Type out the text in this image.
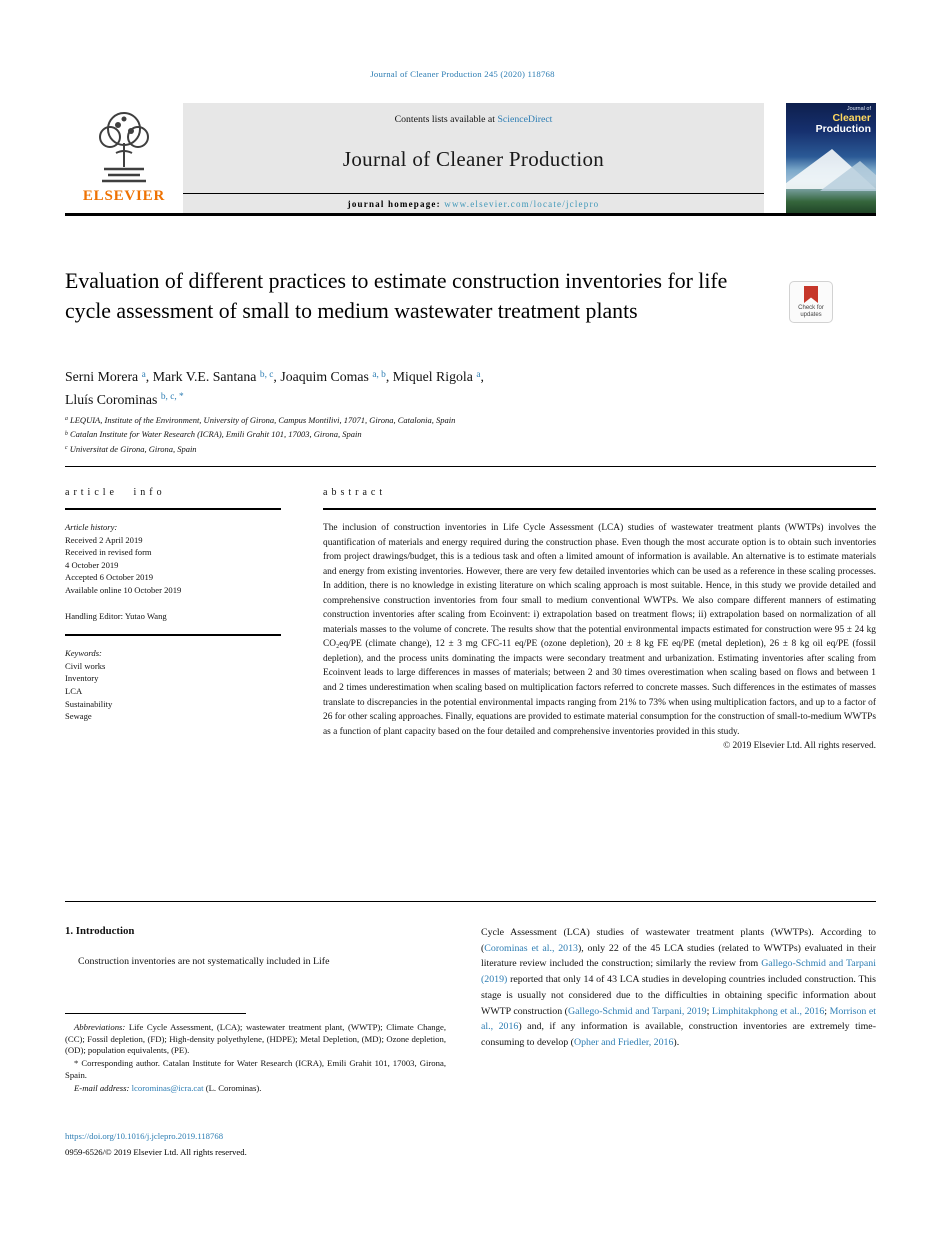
Journal of Cleaner Production 245 (2020) 118768
ELSEVIER
Contents lists available at ScienceDirect
Journal of Cleaner Production
journal homepage: www.elsevier.com/locate/jclepro
Journal of
Cleaner
Production
Evaluation of different practices to estimate construction inventories for life cycle assessment of small to medium wastewater treatment plants	Check for
updates
Serni Morera $^a$, Mark V.E. Santana $^{b, c}$, Joaquim Comas $^{a, b}$, Miquel Rigola $^a$,
Lluís Corominas $^{b, c, *}$
$^a$ LEQUIA, Institute of the Environment, University of Girona, Campus Montilivi, 17071, Girona, Catalonia, Spain
$^b$ Catalan Institute for Water Research (ICRA), Emili Grahit 101, 17003, Girona, Spain
$^c$ Universitat de Girona, Girona, Spain
article info
Article history:
Received 2 April 2019
Received in revised form
4 October 2019
Accepted 6 October 2019
Available online 10 October 2019
Handling Editor: Yutao Wang
Keywords:
Civil works
Inventory
LCA
Sustainability
Sewage
abstract
The inclusion of construction inventories in Life Cycle Assessment (LCA) studies of wastewater treatment plants (WWTPs) involves the quantification of materials and energy required during the construction phase. Even though the most accurate option is to obtain such inventories from project drawings/budget, this is a tedious task and often a limited amount of information is available. An alternative is to estimate materials and energy from existing inventories. However, there are very few detailed inventories which can be used as a reference in these scaling processes. In addition, there is no knowledge in existing literature on which scaling approach is most suitable. Hence, in this study we provide detailed and comprehensive construction inventories from four small to medium conventional WWTPs. We also compare different manners of estimating construction inventories after scaling from Ecoinvent: i) extrapolation based on treatment flows; ii) extrapolation based on normalization of all materials masses to the volume of concrete. The results show that the potential environmental impacts estimated for construction were 95 ± 24 kg CO₂eq/PE (climate change), 12 ± 3 mg CFC-11 eq/PE (ozone depletion), 20 ± 8 kg FE eq/PE (metal depletion), 26 ± 8 kg oil eq/PE (fossil depletion), and the process units dominating the impacts were secondary treatment and urbanization. Estimating inventories after scaling from Ecoinvent leads to large differences in masses of materials; between 2 and 30 times overestimation when scaling based on flows and between 1 and 2 times underestimation when scaling based on multiplication factors referred to concrete masses. Such differences in the estimates of masses translate to discrepancies in the potential environmental impacts ranging from 21% to 73% when using multiplication factors, and up to a factor of 26 for other scaling approaches. Finally, equations are provided to estimate material consumption for the construction of small-to-medium WWTPs as a function of plant capacity based on the four detailed and comprehensive inventories provided in this study.
© 2019 Elsevier Ltd. All rights reserved.
1. Introduction
Construction inventories are not systematically included in Life
Cycle Assessment (LCA) studies of wastewater treatment plants (WWTPs). According to (Corominas et al., 2013), only 22 of the 45 LCA studies (related to WWTPs) evaluated in their literature review included the construction; similarly the review from Gallego-Schmid and Tarpani (2019) reported that only 14 of 43 LCA studies in developing countries included construction. This stage is usually not considered due to the difficulties in obtaining specific information about WWTP construction (Gallego-Schmid and Tarpani, 2019; Limphitakphong et al., 2016; Morrison et al., 2016) and, if any information is available, construction inventories are extremely time-consuming to develop (Opher and Friedler, 2016).
Abbreviations: Life Cycle Assessment, (LCA); wastewater treatment plant, (WWTP); Climate Change, (CC); Fossil depletion, (FD); High-density polyethylene, (HDPE); Metal Depletion, (MD); Ozone depletion, (OD); population equivalents, (PE).
* Corresponding author. Catalan Institute for Water Research (ICRA), Emili Grahit 101, 17003, Girona, Spain.
E-mail address: lcorominas@icra.cat (L. Corominas).
https://doi.org/10.1016/j.jclepro.2019.118768
0959-6526/© 2019 Elsevier Ltd. All rights reserved.
